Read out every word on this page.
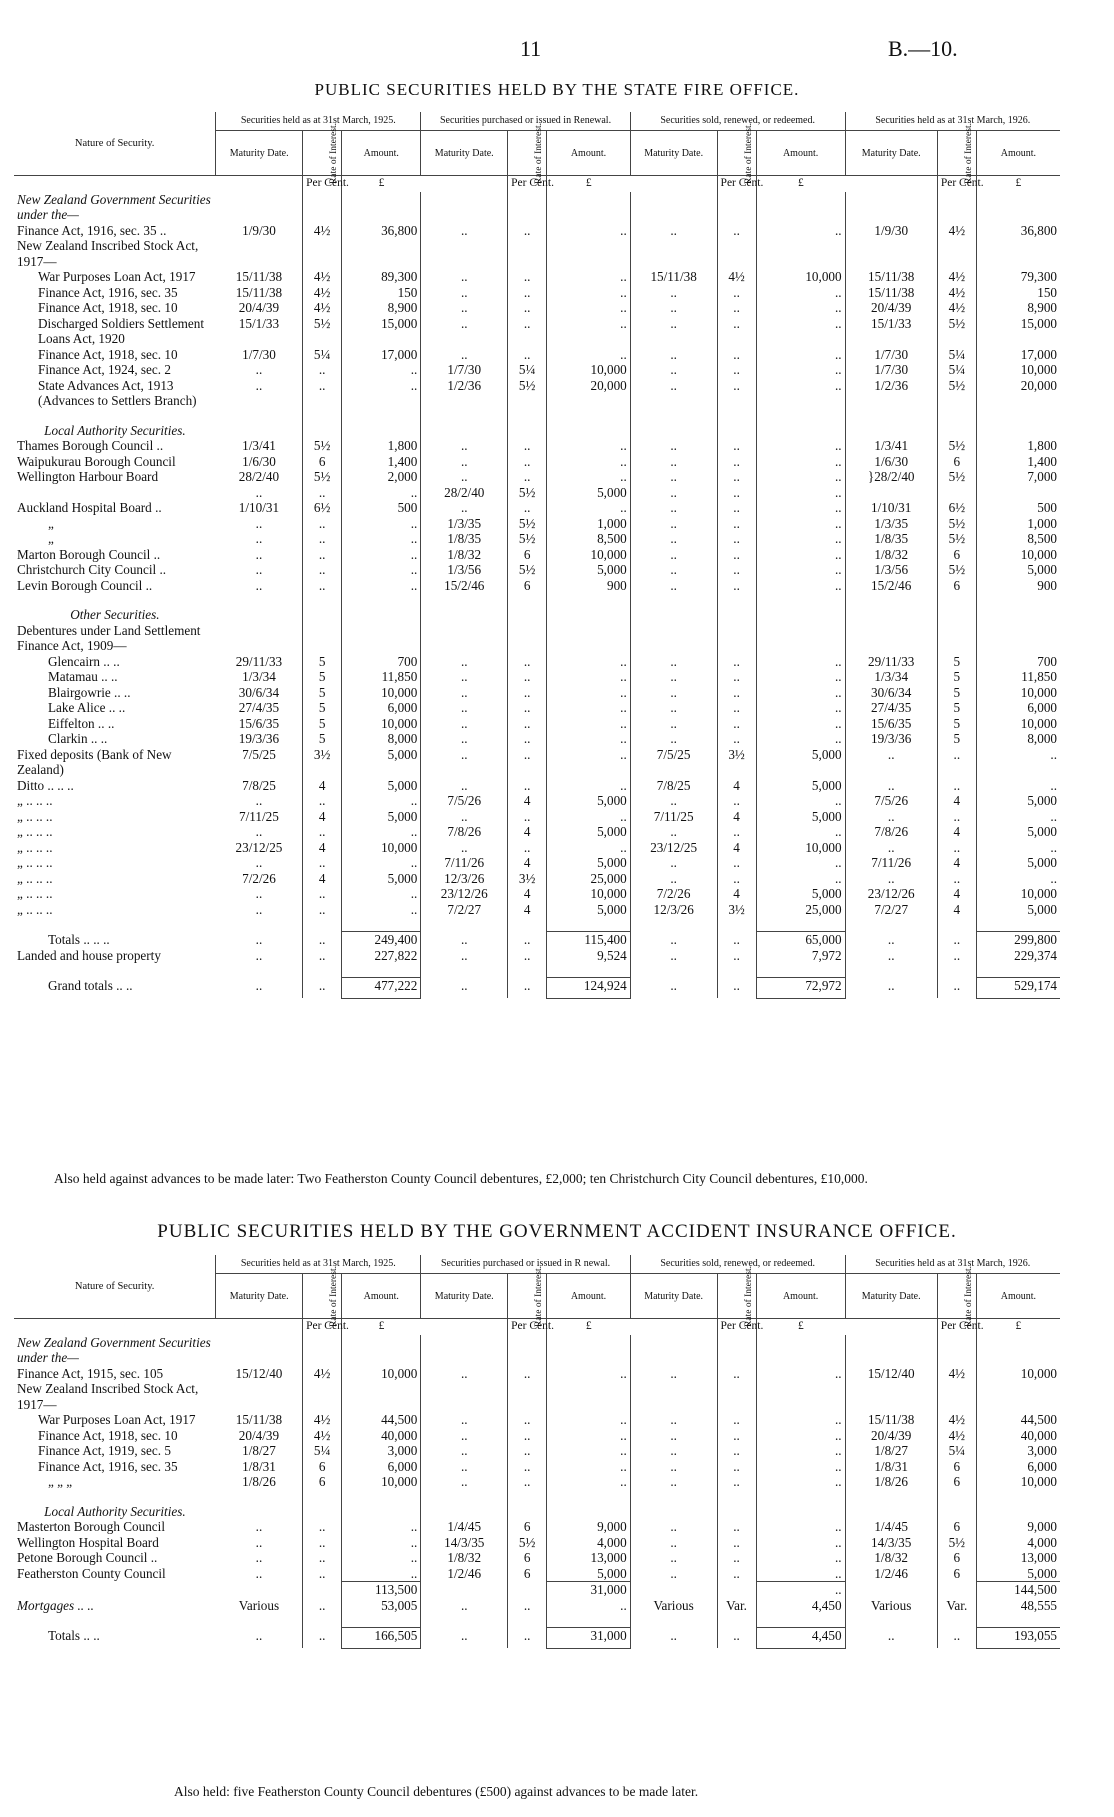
11	B.—10.
PUBLIC SECURITIES HELD BY THE STATE FIRE OFFICE.
Nature of Security.	Securities held as at 31st March, 1925.			Securities purchased or issued in Renewal.			Securities sold, renewed, or redeemed.			Securities held as at 31st March, 1926.		
	Maturity Date.	Rate of Interest.	Amount.	Maturity Date.	Rate of Interest.	Amount.	Maturity Date.	Rate of Interest.	Amount.	Maturity Date.	Rate of Interest.	Amount.
		Per Cent.	£		Per Cent.	£		Per Cent.	£		Per Cent.	£
New Zealand Government Securities under the—												
Finance Act, 1916, sec. 35 ..	1/9/30	4½	36,800	..	..	..	..	..	..	1/9/30	4½	36,800
New Zealand Inscribed Stock Act, 1917—												
War Purposes Loan Act, 1917	15/11/38	4½	89,300	..	..	..	15/11/38	4½	10,000	15/11/38	4½	79,300
Finance Act, 1916, sec. 35	15/11/38	4½	150	..	..	..	..	..	..	15/11/38	4½	150
Finance Act, 1918, sec. 10	20/4/39	4½	8,900	..	..	..	..	..	..	20/4/39	4½	8,900
Discharged Soldiers Settlement Loans Act, 1920	15/1/33	5½	15,000	..	..	..	..	..	..	15/1/33	5½	15,000
Finance Act, 1918, sec. 10	1/7/30	5¼	17,000	..	..	..	..	..	..	1/7/30	5¼	17,000
Finance Act, 1924, sec. 2	..	..	..	1/7/30	5¼	10,000	..	..	..	1/7/30	5¼	10,000
State Advances Act, 1913 (Advances to Settlers Branch)	..	..	..	1/2/36	5½	20,000	..	..	..	1/2/36	5½	20,000

Local Authority Securities.												
Thames Borough Council ..	1/3/41	5½	1,800	..	..	..	..	..	..	1/3/41	5½	1,800
Waipukurau Borough Council	1/6/30	6	1,400	..	..	..	..	..	..	1/6/30	6	1,400
Wellington Harbour Board	28/2/40	5½	2,000	..	..	..	..	..	..	}28/2/40	5½	7,000
	..	..	..	28/2/40	5½	5,000	..	..	..			
Auckland Hospital Board ..	1/10/31	6½	500	..	..	..	..	..	..	1/10/31	6½	500
„	..	..	..	1/3/35	5½	1,000	..	..	..	1/3/35	5½	1,000
„	..	..	..	1/8/35	5½	8,500	..	..	..	1/8/35	5½	8,500
Marton Borough Council ..	..	..	..	1/8/32	6	10,000	..	..	..	1/8/32	6	10,000
Christchurch City Council ..	..	..	..	1/3/56	5½	5,000	..	..	..	1/3/56	5½	5,000
Levin Borough Council ..	..	..	..	15/2/46	6	900	..	..	..	15/2/46	6	900

Other Securities.												
Debentures under Land Settlement Finance Act, 1909—												
Glencairn .. ..	29/11/33	5	700	..	..	..	..	..	..	29/11/33	5	700
Matamau .. ..	1/3/34	5	11,850	..	..	..	..	..	..	1/3/34	5	11,850
Blairgowrie .. ..	30/6/34	5	10,000	..	..	..	..	..	..	30/6/34	5	10,000
Lake Alice .. ..	27/4/35	5	6,000	..	..	..	..	..	..	27/4/35	5	6,000
Eiffelton .. ..	15/6/35	5	10,000	..	..	..	..	..	..	15/6/35	5	10,000
Clarkin .. ..	19/3/36	5	8,000	..	..	..	..	..	..	19/3/36	5	8,000
Fixed deposits (Bank of New Zealand)	7/5/25	3½	5,000	..	..	..	7/5/25	3½	5,000	..	..	..
Ditto .. .. ..	7/8/25	4	5,000	..	..	..	7/8/25	4	5,000	..	..	..
„ .. .. ..	..	..	..	7/5/26	4	5,000	..	..	..	7/5/26	4	5,000
„ .. .. ..	7/11/25	4	5,000	..	..	..	7/11/25	4	5,000	..	..	..
„ .. .. ..	..	..	..	7/8/26	4	5,000	..	..	..	7/8/26	4	5,000
„ .. .. ..	23/12/25	4	10,000	..	..	..	23/12/25	4	10,000	..	..	..
„ .. .. ..	..	..	..	7/11/26	4	5,000	..	..	..	7/11/26	4	5,000
„ .. .. ..	7/2/26	4	5,000	12/3/26	3½	25,000	..	..	..	..	..	..
„ .. .. ..	..	..	..	23/12/26	4	10,000	7/2/26	4	5,000	23/12/26	4	10,000
„ .. .. ..	..	..	..	7/2/27	4	5,000	12/3/26	3½	25,000	7/2/27	4	5,000

Totals .. .. ..	..	..	249,400	..	..	115,400	..	..	65,000	..	..	299,800
Landed and house property	..	..	227,822	..	..	9,524	..	..	7,972	..	..	229,374

Grand totals .. ..	..	..	477,222	..	..	124,924	..	..	72,972	..	..	529,174
Also held against advances to be made later: Two Featherston County Council debentures, £2,000; ten Christchurch City Council debentures, £10,000.
PUBLIC SECURITIES HELD BY THE GOVERNMENT ACCIDENT INSURANCE OFFICE.
Nature of Security.	Securities held as at 31st March, 1925.			Securities purchased or issued in R newal.			Securities sold, renewed, or redeemed.			Securities held as at 31st March, 1926.		
	Maturity Date.	Rate of Interest.	Amount.	Maturity Date.	Rate of Interest.	Amount.	Maturity Date.	Rate of Interest.	Amount.	Maturity Date.	Rate of Interest.	Amount.
		Per Cent.	£		Per Cent.	£		Per Cent.	£		Per Cent.	£
New Zealand Government Securities under the—												
Finance Act, 1915, sec. 105	15/12/40	4½	10,000	..	..	..	..	..	..	15/12/40	4½	10,000
New Zealand Inscribed Stock Act, 1917—												
War Purposes Loan Act, 1917	15/11/38	4½	44,500	..	..	..	..	..	..	15/11/38	4½	44,500
Finance Act, 1918, sec. 10	20/4/39	4½	40,000	..	..	..	..	..	..	20/4/39	4½	40,000
Finance Act, 1919, sec. 5	1/8/27	5¼	3,000	..	..	..	..	..	..	1/8/27	5¼	3,000
Finance Act, 1916, sec. 35	1/8/31	6	6,000	..	..	..	..	..	..	1/8/31	6	6,000
„ „ „	1/8/26	6	10,000	..	..	..	..	..	..	1/8/26	6	10,000

Local Authority Securities.												
Masterton Borough Council	..	..	..	1/4/45	6	9,000	..	..	..	1/4/45	6	9,000
Wellington Hospital Board	..	..	..	14/3/35	5½	4,000	..	..	..	14/3/35	5½	4,000
Petone Borough Council ..	..	..	..	1/8/32	6	13,000	..	..	..	1/8/32	6	13,000
Featherston County Council	..	..	..	1/2/46	6	5,000	..	..	..	1/2/46	6	5,000
			113,500			31,000			..			144,500
Mortgages .. ..	Various	..	53,005	..	..	..	Various	Var.	4,450	Various	Var.	48,555

Totals .. ..	..	..	166,505	..	..	31,000	..	..	4,450	..	..	193,055
Also held: five Featherston County Council debentures (£500) against advances to be made later.
